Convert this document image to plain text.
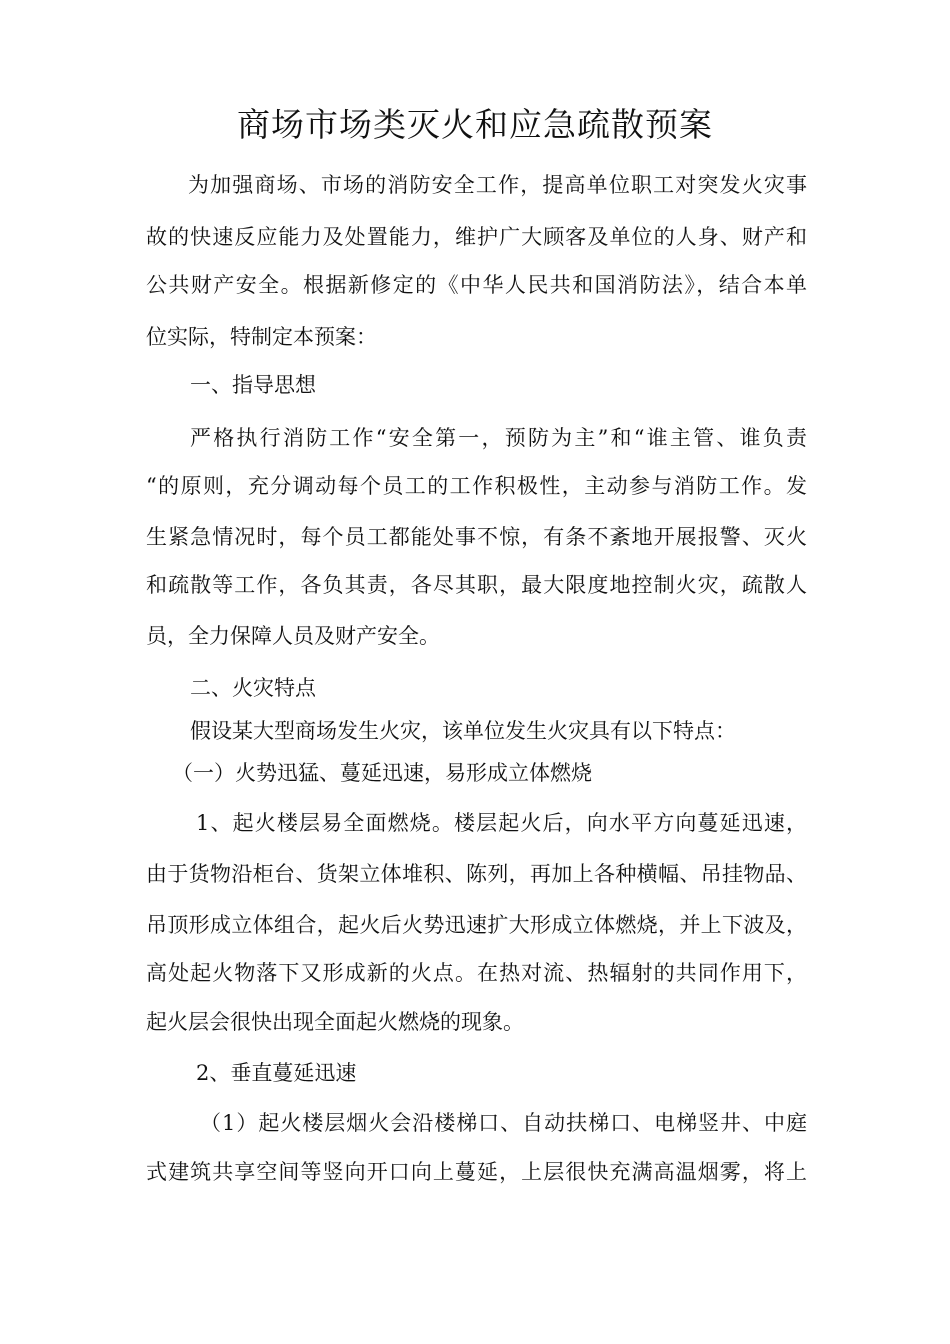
商场市场类灭火和应急疏散预案
为加强商场、市场的消防安全工作，提高单位职工对突发火灾事
故的快速反应能力及处置能力，维护广大顾客及单位的人身、财产和
公共财产安全。根据新修定的《中华人民共和国消防法》，结合本单
位实际，特制定本预案：
一、指导思想
严格执行消防工作“安全第一，预防为主”和“谁主管、谁负责
“的原则，充分调动每个员工的工作积极性，主动参与消防工作。发
生紧急情况时，每个员工都能处事不惊，有条不紊地开展报警、灭火
和疏散等工作，各负其责，各尽其职，最大限度地控制火灾，疏散人
员，全力保障人员及财产安全。
二、火灾特点
假设某大型商场发生火灾，该单位发生火灾具有以下特点：
（一）火势迅猛、蔓延迅速，易形成立体燃烧
1、起火楼层易全面燃烧。楼层起火后，向水平方向蔓延迅速，
由于货物沿柜台、货架立体堆积、陈列，再加上各种横幅、吊挂物品、
吊顶形成立体组合，起火后火势迅速扩大形成立体燃烧，并上下波及，
高处起火物落下又形成新的火点。在热对流、热辐射的共同作用下，
起火层会很快出现全面起火燃烧的现象。
2、垂直蔓延迅速
（1）起火楼层烟火会沿楼梯口、自动扶梯口、电梯竖井、中庭
式建筑共享空间等竖向开口向上蔓延，上层很快充满高温烟雾，将上
